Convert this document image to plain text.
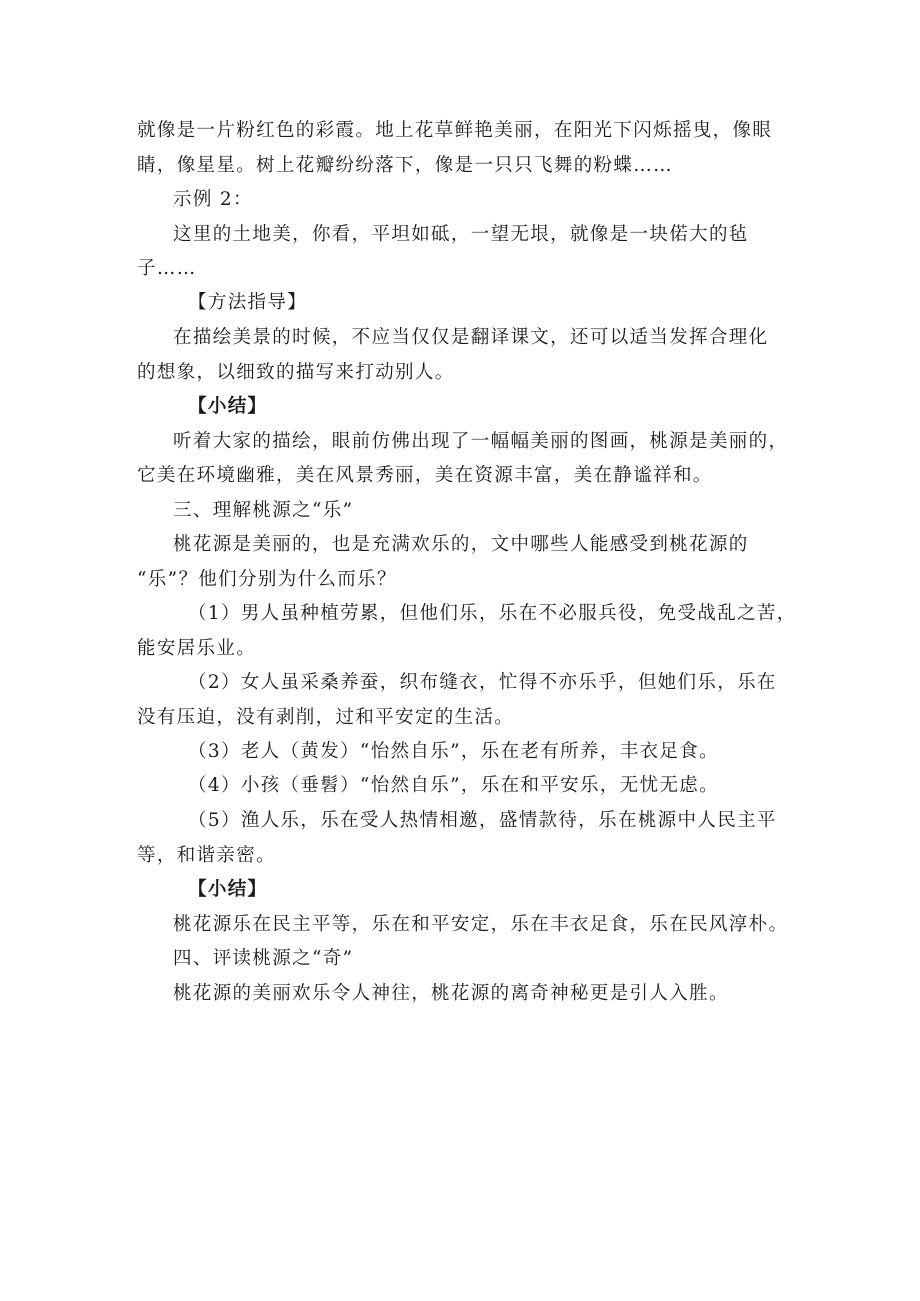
就像是一片粉红色的彩霞。地上花草鲜艳美丽，在阳光下闪烁摇曳，像眼
睛，像星星。树上花瓣纷纷落下，像是一只只飞舞的粉蝶……
示例 2：
这里的土地美，你看，平坦如砥，一望无垠，就像是一块偌大的毡
子……
【方法指导】
在描绘美景的时候，不应当仅仅是翻译课文，还可以适当发挥合理化
的想象，以细致的描写来打动别人。
【小结】
听着大家的描绘，眼前仿佛出现了一幅幅美丽的图画，桃源是美丽的，
它美在环境幽雅，美在风景秀丽，美在资源丰富，美在静谧祥和。
三、理解桃源之“乐”
桃花源是美丽的，也是充满欢乐的，文中哪些人能感受到桃花源的
“乐”？他们分别为什么而乐？
（1）男人虽种植劳累，但他们乐，乐在不必服兵役，免受战乱之苦，
能安居乐业。
（2）女人虽采桑养蚕，织布缝衣，忙得不亦乐乎，但她们乐，乐在
没有压迫，没有剥削，过和平安定的生活。
（3）老人（黄发）“怡然自乐”，乐在老有所养，丰衣足食。
（4）小孩（垂髫）“怡然自乐”，乐在和平安乐，无忧无虑。
（5）渔人乐，乐在受人热情相邀，盛情款待，乐在桃源中人民主平
等，和谐亲密。
【小结】
桃花源乐在民主平等，乐在和平安定，乐在丰衣足食，乐在民风淳朴。
四、评读桃源之“奇”
桃花源的美丽欢乐令人神往，桃花源的离奇神秘更是引人入胜。
